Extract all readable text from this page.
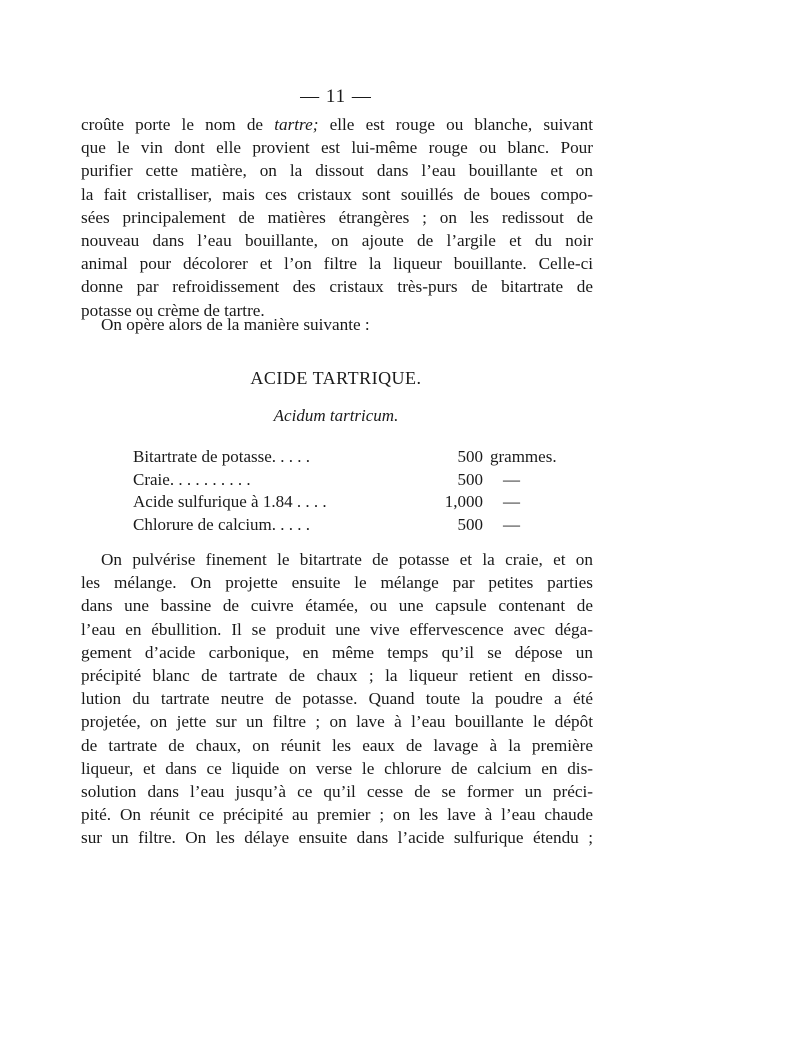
— 11 —
croûte porte le nom de tartre; elle est rouge ou blanche, suivant
que le vin dont elle provient est lui-même rouge ou blanc. Pour
purifier cette matière, on la dissout dans l’eau bouillante et on
la fait cristalliser, mais ces cristaux sont souillés de boues compo-
sées principalement de matières étrangères ; on les redissout de
nouveau dans l’eau bouillante, on ajoute de l’argile et du noir
animal pour décolorer et l’on filtre la liqueur bouillante. Celle-ci
donne par refroidissement des cristaux très-purs de bitartrate de
potasse ou crème de tartre.
On opère alors de la manière suivante :
ACIDE TARTRIQUE.
Acidum tartricum.
Bitartrate de potasse. . . . .	500 grammes.
Craie. . . . . . . . . .	500 —
Acide sulfurique à 1.84 . . . .	1,000 —
Chlorure de calcium. . . . .	500 —
On pulvérise finement le bitartrate de potasse et la craie, et on
les mélange. On projette ensuite le mélange par petites parties
dans une bassine de cuivre étamée, ou une capsule contenant de
l’eau en ébullition. Il se produit une vive effervescence avec déga-
gement d’acide carbonique, en même temps qu’il se dépose un
précipité blanc de tartrate de chaux ; la liqueur retient en disso-
lution du tartrate neutre de potasse. Quand toute la poudre a été
projetée, on jette sur un filtre ; on lave à l’eau bouillante le dépôt
de tartrate de chaux, on réunit les eaux de lavage à la première
liqueur, et dans ce liquide on verse le chlorure de calcium en dis-
solution dans l’eau jusqu’à ce qu’il cesse de se former un préci-
pité. On réunit ce précipité au premier ; on les lave à l’eau chaude
sur un filtre. On les délaye ensuite dans l’acide sulfurique étendu ;
